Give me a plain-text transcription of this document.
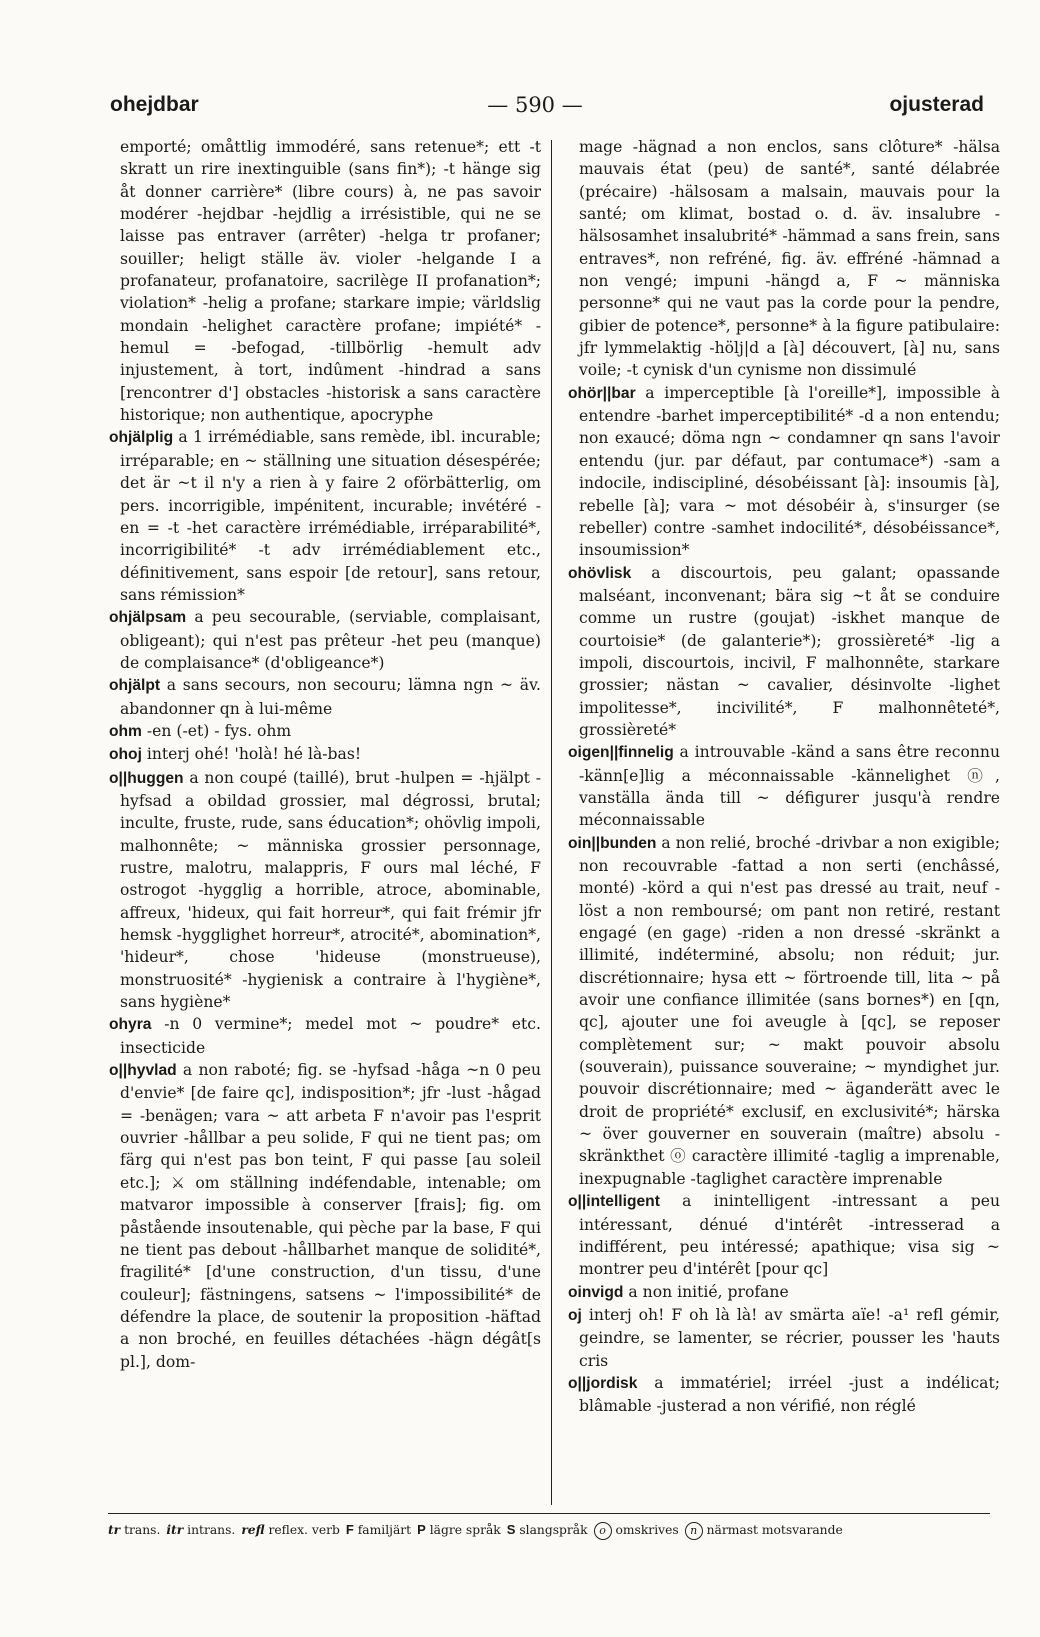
ohejdbar	— 590 —	ojusterad

emporté; omåttlig immodéré, sans retenue*; ett -t skratt un rire inextinguible (sans fin*); -t hänge sig åt donner carrière* (libre cours) à, ne pas savoir modérer -hejdbar -hejdlig a irrésistible, qui ne se laisse pas entraver (arrêter) -helga tr profaner; souiller; heligt ställe äv. violer -helgande I a profanateur, profanatoire, sacrilège II profanation*; violation* -helig a profane; starkare impie; världslig mondain -helighet caractère profane; impiété* -hemul = -befogad, -tillbörlig -hemult adv injustement, à tort, indûment -hindrad a sans [rencontrer d'] obstacles -historisk a sans caractère historique; non authentique, apocryphe

ohjälplig a 1 irrémédiable, sans remède, ibl. incurable; irréparable; en ~ ställning une situation désespérée; det är ~t il n'y a rien à y faire 2 oförbätterlig, om pers. incorrigible, impénitent, incurable; invétéré -en = -t -het caractère irrémédiable, irréparabilité*, incorrigibilité* -t adv irrémédiablement etc., définitivement, sans espoir [de retour], sans retour, sans rémission*

ohjälpsam a peu secourable, (serviable, complaisant, obligeant); qui n'est pas prêteur -het peu (manque) de complaisance* (d'obligeance*)

ohjälpt a sans secours, non secouru; lämna ngn ~ äv. abandonner qn à lui-même

ohm -en (-et) - fys. ohm

ohoj interj ohé! 'holà! hé là-bas!

o||huggen a non coupé (taillé), brut -hulpen = -hjälpt -hyfsad a obildad grossier, mal dégrossi, brutal; inculte, fruste, rude, sans éducation*; ohövlig impoli, malhonnête; ~ människa grossier personnage, rustre, malotru, malappris, F ours mal léché, F ostrogot -hygglig a horrible, atroce, abominable, affreux, 'hideux, qui fait horreur*, qui fait frémir jfr hemsk -hygglighet horreur*, atrocité*, abomination*, 'hideur*, chose 'hideuse (monstrueuse), monstruosité* -hygienisk a contraire à l'hygiène*, sans hygiène*

ohyra -n 0 vermine*; medel mot ~ poudre* etc. insecticide

o||hyvlad a non raboté; fig. se -hyfsad -håga ~n 0 peu d'envie* [de faire qc], indisposition*; jfr -lust -hågad = -benägen; vara ~ att arbeta F n'avoir pas l'esprit ouvrier -hållbar a peu solide, F qui ne tient pas; om färg qui n'est pas bon teint, F qui passe [au soleil etc.]; ⚔ om ställning indéfendable, intenable; om matvaror impossible à conserver [frais]; fig. om påstående insoutenable, qui pèche par la base, F qui ne tient pas debout -hållbarhet manque de solidité*, fragilité* [d'une construction, d'un tissu, d'une couleur]; fästningens, satsens ~ l'impossibilité* de défendre la place, de soutenir la proposition -häftad a non broché, en feuilles détachées -hägn dégât[s pl.], dom-

mage -hägnad a non enclos, sans clôture* -hälsa mauvais état (peu) de santé*, santé délabrée (précaire) -hälsosam a malsain, mauvais pour la santé; om klimat, bostad o. d. äv. insalubre -hälsosamhet insalubrité* -hämmad a sans frein, sans entraves*, non refréné, fig. äv. effréné -hämnad a non vengé; impuni -hängd a, F ~ människa personne* qui ne vaut pas la corde pour la pendre, gibier de potence*, personne* à la figure patibulaire: jfr lymmelaktig -hölj|d a [à] découvert, [à] nu, sans voile; -t cynisk d'un cynisme non dissimulé

ohör||bar a imperceptible [à l'oreille*], impossible à entendre -barhet imperceptibilité* -d a non entendu; non exaucé; döma ngn ~ condamner qn sans l'avoir entendu (jur. par défaut, par contumace*) -sam a indocile, indiscipliné, désobéissant [à]: insoumis [à], rebelle [à]; vara ~ mot désobéir à, s'insurger (se rebeller) contre -samhet indocilité*, désobéissance*, insoumission*

ohövlisk a discourtois, peu galant; opassande malséant, inconvenant; bära sig ~t åt se conduire comme un rustre (goujat) -iskhet manque de courtoisie* (de galanterie*); grossièreté* -lig a impoli, discourtois, incivil, F malhonnête, starkare grossier; nästan ~ cavalier, désinvolte -lighet impolitesse*, incivilité*, F malhonnêteté*, grossièreté*

oigen||finnelig a introuvable -känd a sans être reconnu -känn[e]lig a méconnaissable -kännelighet ⓝ, vanställa ända till ~ défigurer jusqu'à rendre méconnaissable

oin||bunden a non relié, broché -drivbar a non exigible; non recouvrable -fattad a non serti (enchâssé, monté) -körd a qui n'est pas dressé au trait, neuf -löst a non remboursé; om pant non retiré, restant engagé (en gage) -riden a non dressé -skränkt a illimité, indéterminé, absolu; non réduit; jur. discrétionnaire; hysa ett ~ förtroende till, lita ~ på avoir une confiance illimitée (sans bornes*) en [qn, qc], ajouter une foi aveugle à [qc], se reposer complètement sur; ~ makt pouvoir absolu (souverain), puissance souveraine; ~ myndighet jur. pouvoir discrétionnaire; med ~ äganderätt avec le droit de propriété* exclusif, en exclusivité*; härska ~ över gouverner en souverain (maître) absolu -skränkthet ⓞ caractère illimité -taglig a imprenable, inexpugnable -taglighet caractère imprenable

o||intelligent a inintelligent -intressant a peu intéressant, dénué d'intérêt -intresserad a indifférent, peu intéressé; apathique; visa sig ~ montrer peu d'intérêt [pour qc]

oinvigd a non initié, profane

oj interj oh! F oh là là! av smärta aïe! -a¹ refl gémir, geindre, se lamenter, se récrier, pousser les 'hauts cris

o||jordisk a immatériel; irréel -just a indélicat; blâmable -justerad a non vérifié, non réglé

tr trans. itr intrans. refl reflex. verb F familjärt P lägre språk S slangspråk o omskrives n närmast motsvarande
